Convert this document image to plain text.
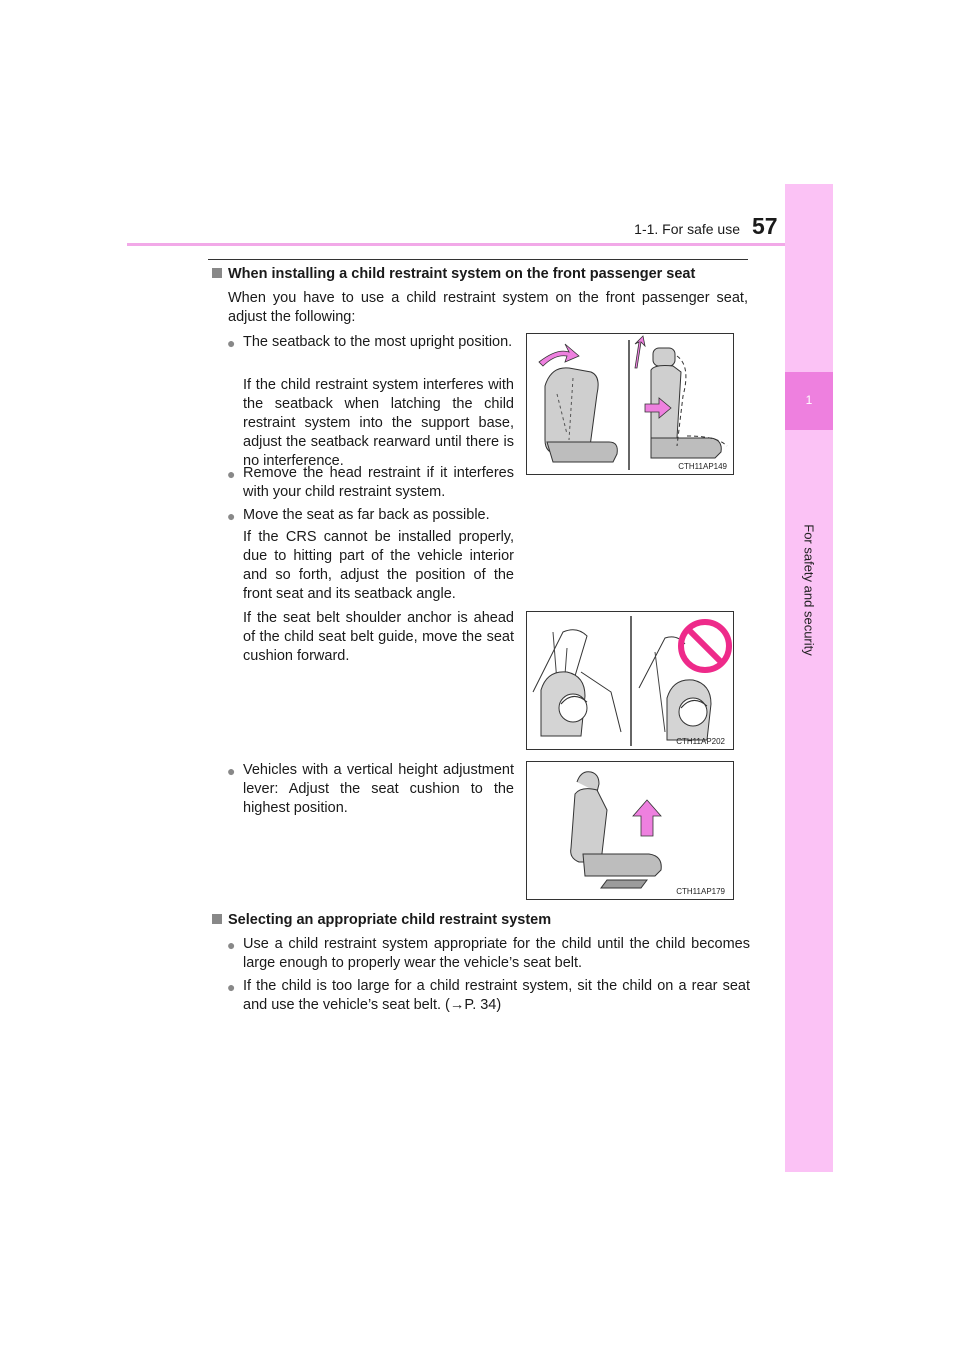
1-1. For safe use 57
1
For safety and security
When installing a child restraint system on the front passenger seat
When you have to use a child restraint system on the front passenger seat, adjust the following:
● The seatback to the most upright position.
If the child restraint system interferes with the seatback when latching the child restraint system into the support base, adjust the seatback rearward until there is no interference.
● Remove the head restraint if it interferes with your child restraint system.
● Move the seat as far back as possible.
If the CRS cannot be installed properly, due to hitting part of the vehicle interior and so forth, adjust the position of the front seat and its seatback angle.
If the seat belt shoulder anchor is ahead of the child seat belt guide, move the seat cushion forward.
● Vehicles with a vertical height adjustment lever: Adjust the seat cushion to the highest position.
CTH11AP149
CTH11AP202
CTH11AP179
Selecting an appropriate child restraint system
● Use a child restraint system appropriate for the child until the child becomes large enough to properly wear the vehicle’s seat belt.
● If the child is too large for a child restraint system, sit the child on a rear seat and use the vehicle’s seat belt. (→P. 34)
